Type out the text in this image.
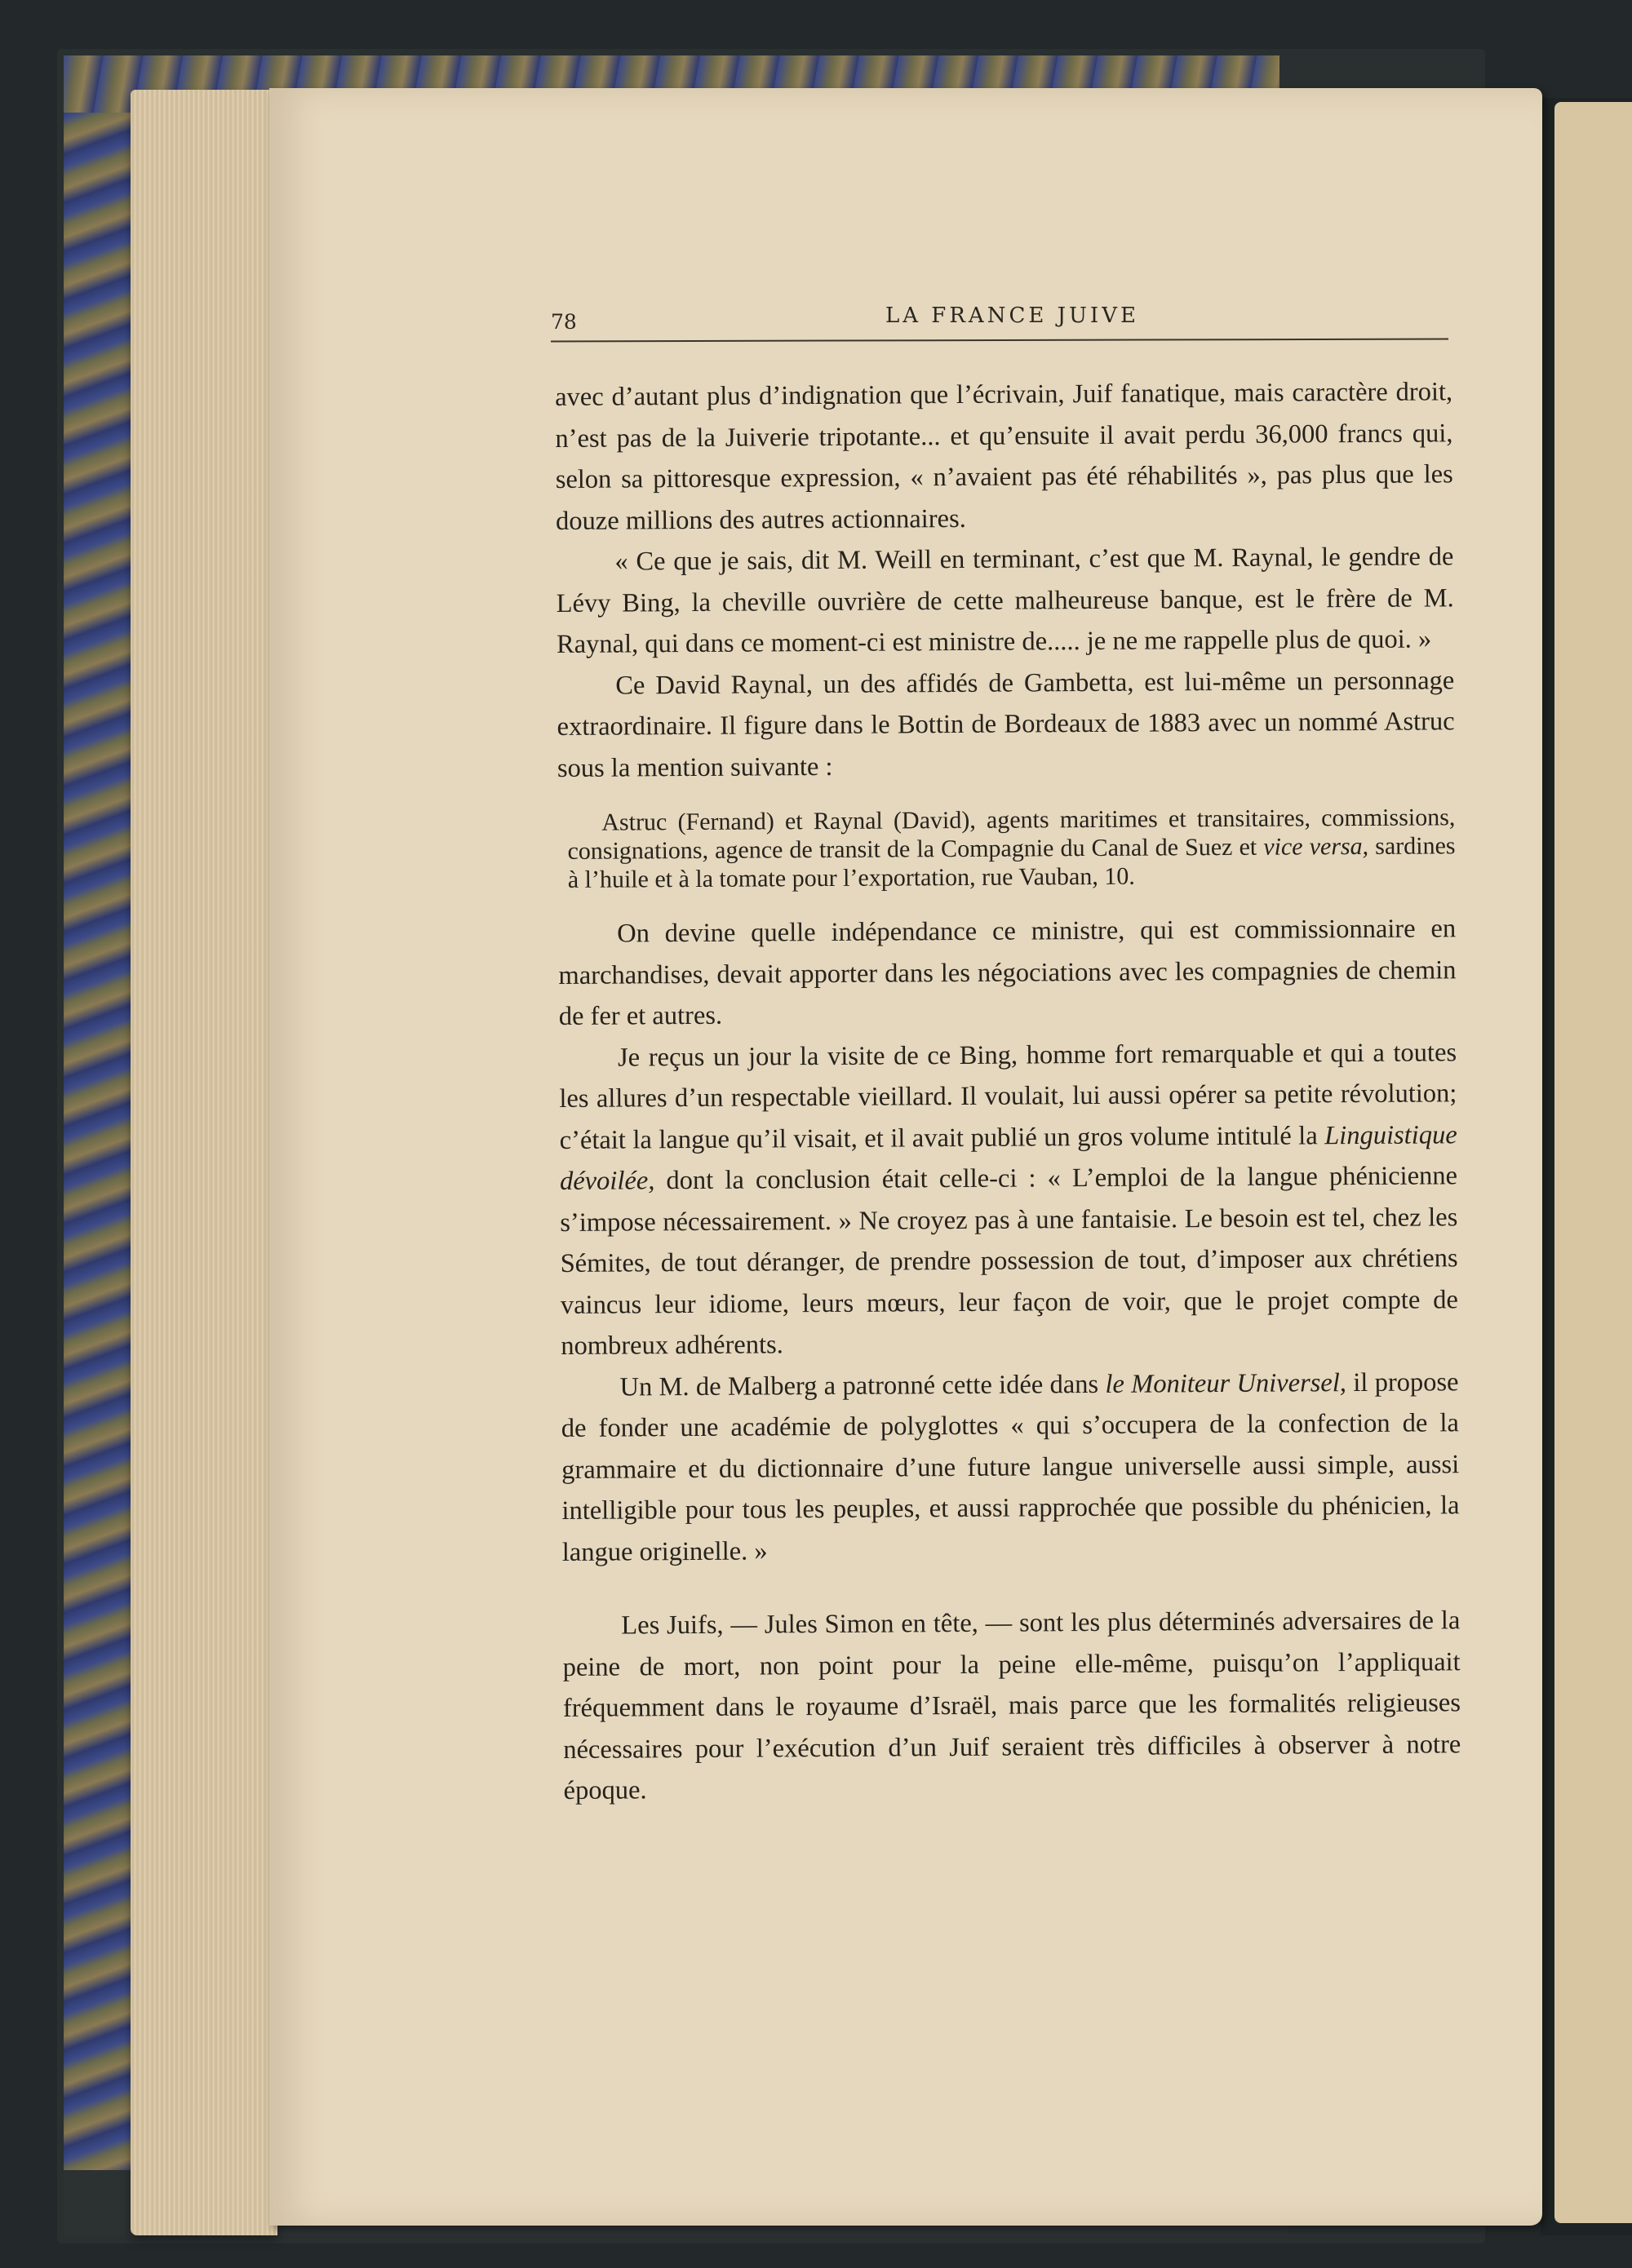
78	LA FRANCE JUIVE

avec d’autant plus d’indignation que l’écrivain, Juif fanatique, mais caractère droit, n’est pas de la Juiverie tripotante... et qu’ensuite il avait perdu 36,000 francs qui, selon sa pittoresque expression, « n’avaient pas été réhabilités », pas plus que les douze millions des autres actionnaires.

« Ce que je sais, dit M. Weill en terminant, c’est que M. Raynal, le gendre de Lévy Bing, la cheville ouvrière de cette malheureuse banque, est le frère de M. Raynal, qui dans ce moment-ci est ministre de..... je ne me rappelle plus de quoi. »

Ce David Raynal, un des affidés de Gambetta, est lui-même un personnage extraordinaire. Il figure dans le Bottin de Bordeaux de 1883 avec un nommé Astruc sous la mention suivante :

Astruc (Fernand) et Raynal (David), agents maritimes et transitaires, commissions, consignations, agence de transit de la Compagnie du Canal de Suez et vice versa, sardines à l’huile et à la tomate pour l’exportation, rue Vauban, 10.

On devine quelle indépendance ce ministre, qui est commissionnaire en marchandises, devait apporter dans les négociations avec les compagnies de chemin de fer et autres.

Je reçus un jour la visite de ce Bing, homme fort remarquable et qui a toutes les allures d’un respectable vieillard. Il voulait, lui aussi opérer sa petite révolution; c’était la langue qu’il visait, et il avait publié un gros volume intitulé la Linguistique dévoilée, dont la conclusion était celle-ci : « L’emploi de la langue phénicienne s’impose nécessairement. » Ne croyez pas à une fantaisie. Le besoin est tel, chez les Sémites, de tout déranger, de prendre possession de tout, d’imposer aux chrétiens vaincus leur idiome, leurs mœurs, leur façon de voir, que le projet compte de nombreux adhérents.

Un M. de Malberg a patronné cette idée dans le Moniteur Universel, il propose de fonder une académie de polyglottes « qui s’occupera de la confection de la grammaire et du dictionnaire d’une future langue universelle aussi simple, aussi intelligible pour tous les peuples, et aussi rapprochée que possible du phénicien, la langue originelle. »

Les Juifs, — Jules Simon en tête, — sont les plus déterminés adversaires de la peine de mort, non point pour la peine elle-même, puisqu’on l’appliquait fréquemment dans le royaume d’Israël, mais parce que les formalités religieuses nécessaires pour l’exécution d’un Juif seraient très difficiles à observer à notre époque.
